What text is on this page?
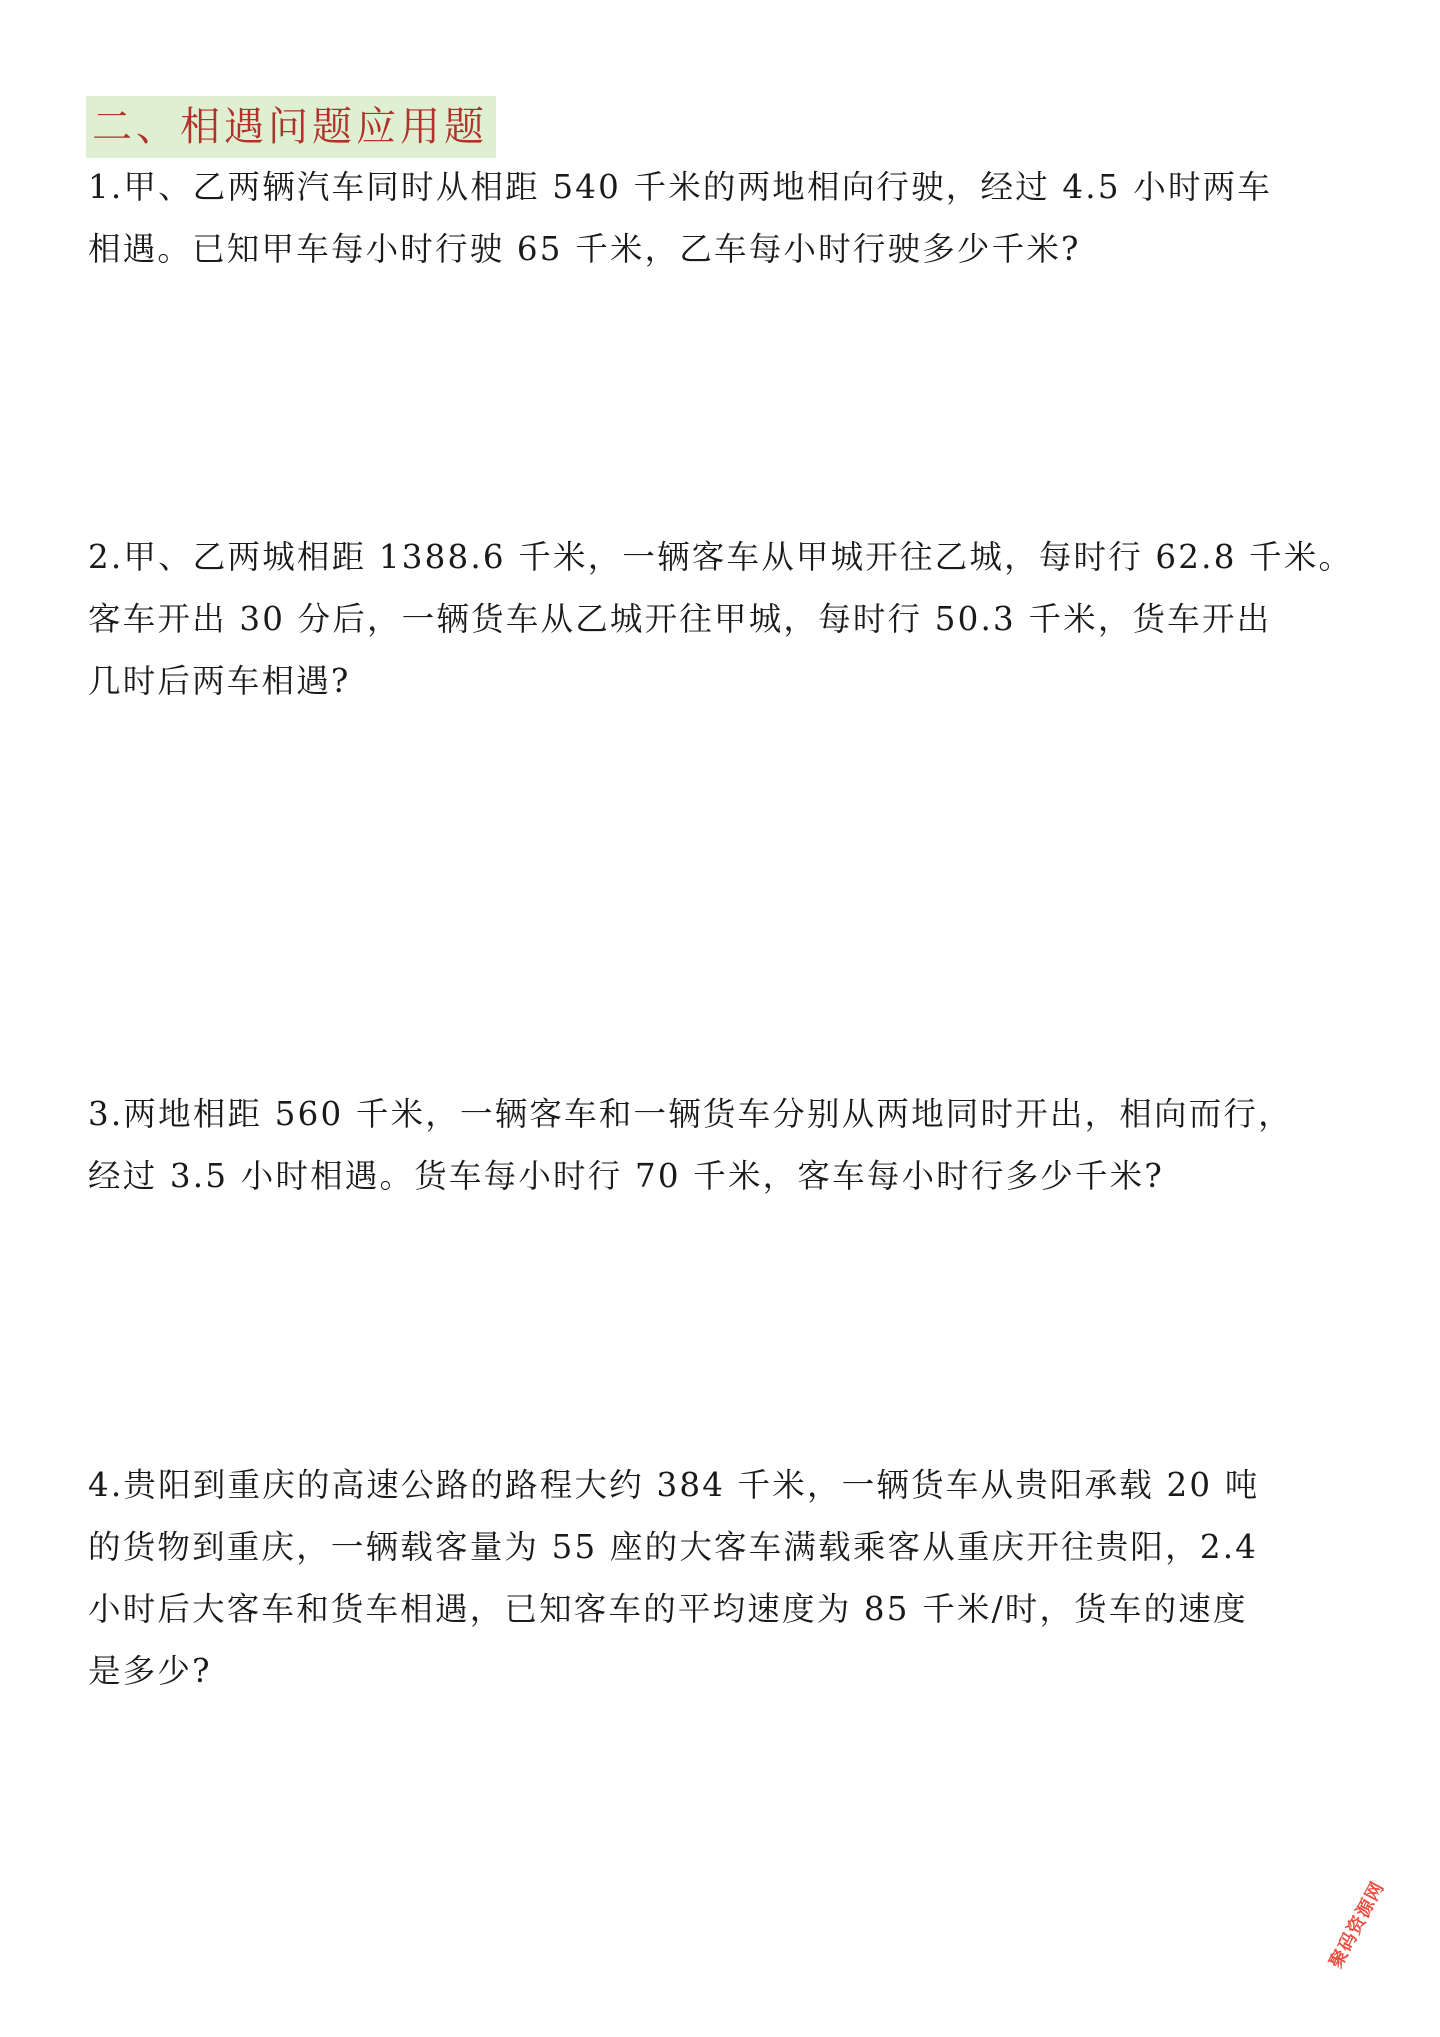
二、相遇问题应用题
1.甲、乙两辆汽车同时从相距 540 千米的两地相向行驶，经过 4.5 小时两车
相遇。已知甲车每小时行驶 65 千米，乙车每小时行驶多少千米?
2.甲、乙两城相距 1388.6 千米，一辆客车从甲城开往乙城，每时行 62.8 千米。
客车开出 30 分后，一辆货车从乙城开往甲城，每时行 50.3 千米，货车开出
几时后两车相遇?
3.两地相距 560 千米，一辆客车和一辆货车分别从两地同时开出，相向而行，
经过 3.5 小时相遇。货车每小时行 70 千米，客车每小时行多少千米?
4.贵阳到重庆的高速公路的路程大约 384 千米，一辆货车从贵阳承载 20 吨
的货物到重庆，一辆载客量为 55 座的大客车满载乘客从重庆开往贵阳，2.4
小时后大客车和货车相遇，已知客车的平均速度为 85 千米/时，货车的速度
是多少?
聚码资源网
